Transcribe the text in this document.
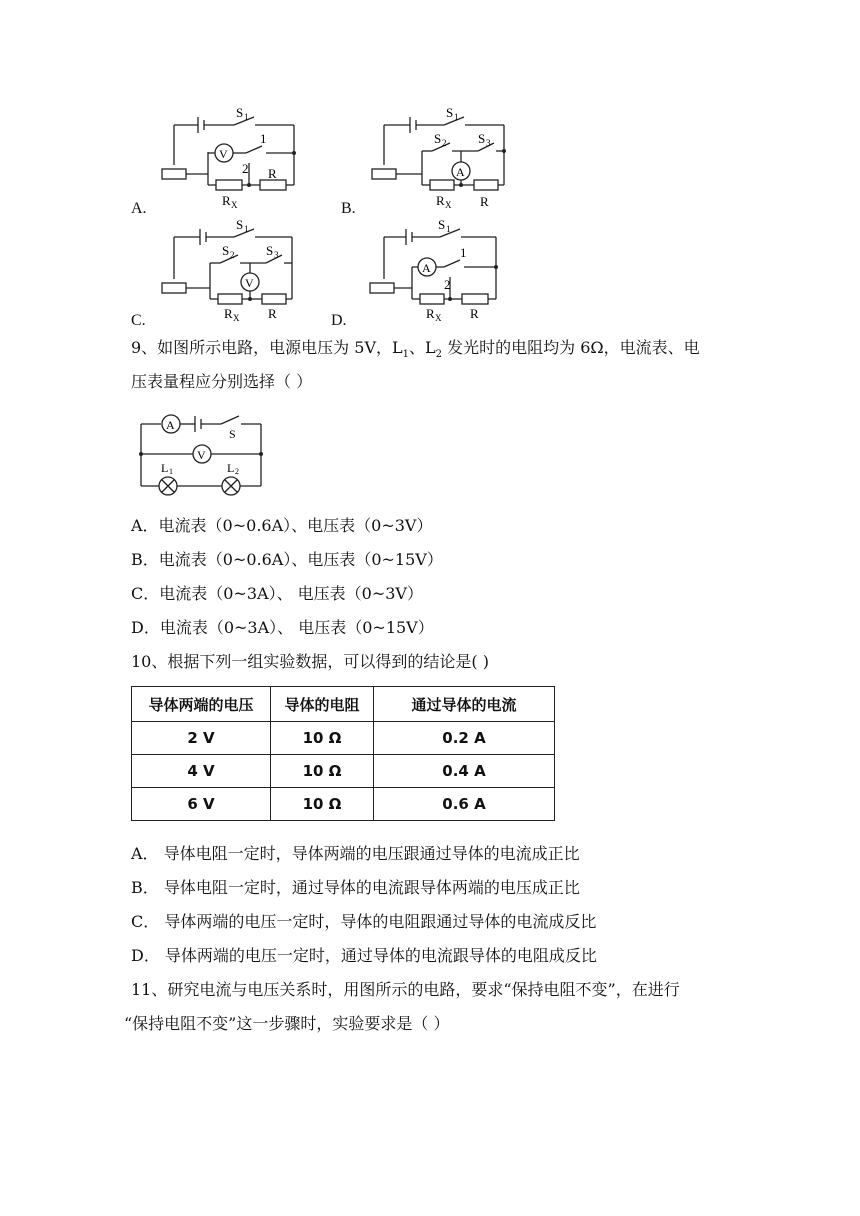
A.
S 1
V
1
2
R X
R
B.
S 1
S 2 S 3
A
R X R
C.
S 1
S 2 S 3
V
R X R	D.
S 1
A
1
2
R X R
9、如图所示电路，电源电压为 5V，$L_1$、$L_2$ 发光时的电阻均为 6Ω，电流表、电
压表量程应分别选择（ ）
A
V
S
L 1	L 2
A．电流表（0~0.6A）、电压表（0~3V）
B．电流表（0~0.6A）、电压表（0~15V）
C．电流表（0~3A）、 电压表（0~3V）
D．电流表（0~3A）、 电压表（0~15V）
10、根据下列一组实验数据，可以得到的结论是( )
导体两端的电压	导体的电阻	通过导体的电流
2 V	10 Ω	0.2 A
4 V	10 Ω	0.4 A
6 V	10 Ω	0.6 A
A． 导体电阻一定时，导体两端的电压跟通过导体的电流成正比
B． 导体电阻一定时，通过导体的电流跟导体两端的电压成正比
C． 导体两端的电压一定时，导体的电阻跟通过导体的电流成反比
D． 导体两端的电压一定时，通过导体的电流跟导体的电阻成反比
11、研究电流与电压关系时，用图所示的电路，要求“保持电阻不变”，在进行
“保持电阻不变”这一步骤时，实验要求是（ ）
